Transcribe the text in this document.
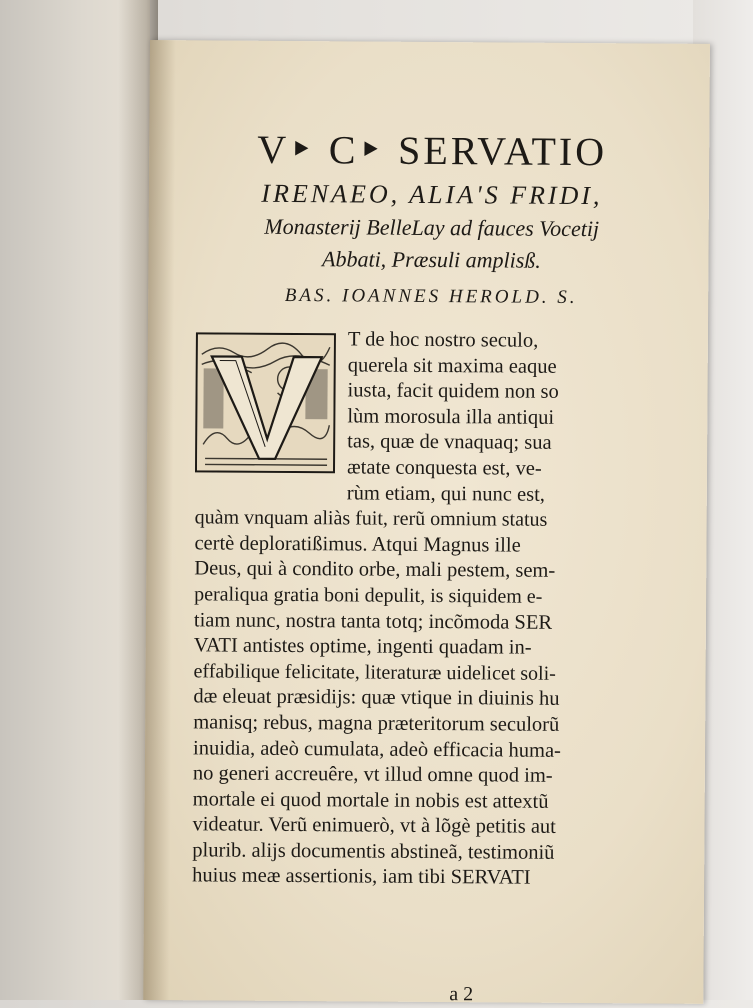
V‣ C‣ SERVATIO
IRENAEO, ALIA'S FRIDI,
Monasterij BelleLay ad fauces Vocetij
Abbati, Præsuli amplisß.
BAS. IOANNES HEROLD. S.
T de hoc nostro seculo,
querela sit maxima eaque
iusta, facit quidem non so
lùm morosula illa antiqui
tas, quæ de vnaquaq; sua
ætate conquesta est, ve-
rùm etiam, qui nunc est,
quàm vnquam aliàs fuit, rerũ omnium status
certè deploratißimus. Atqui Magnus ille
Deus, qui à condito orbe, mali pestem, sem-
peraliqua gratia boni depulit, is siquidem e-
tiam nunc, nostra tanta totq; incõmoda SER
VATI antistes optime, ingenti quadam in-
effabilique felicitate, literaturæ uidelicet soli-
dæ eleuat præsidijs: quæ vtique in diuinis hu
manisq; rebus, magna præteritorum seculorũ
inuidia, adeò cumulata, adeò efficacia huma-
no generi accreuêre, vt illud omne quod im-
mortale ei quod mortale in nobis est attextũ
videatur. Verũ enimuerò, vt à lõgè petitis aut
plurib. alijs documentis abstineã, testimoniũ
huius meæ assertionis, iam tibi SERVATI
a 2
